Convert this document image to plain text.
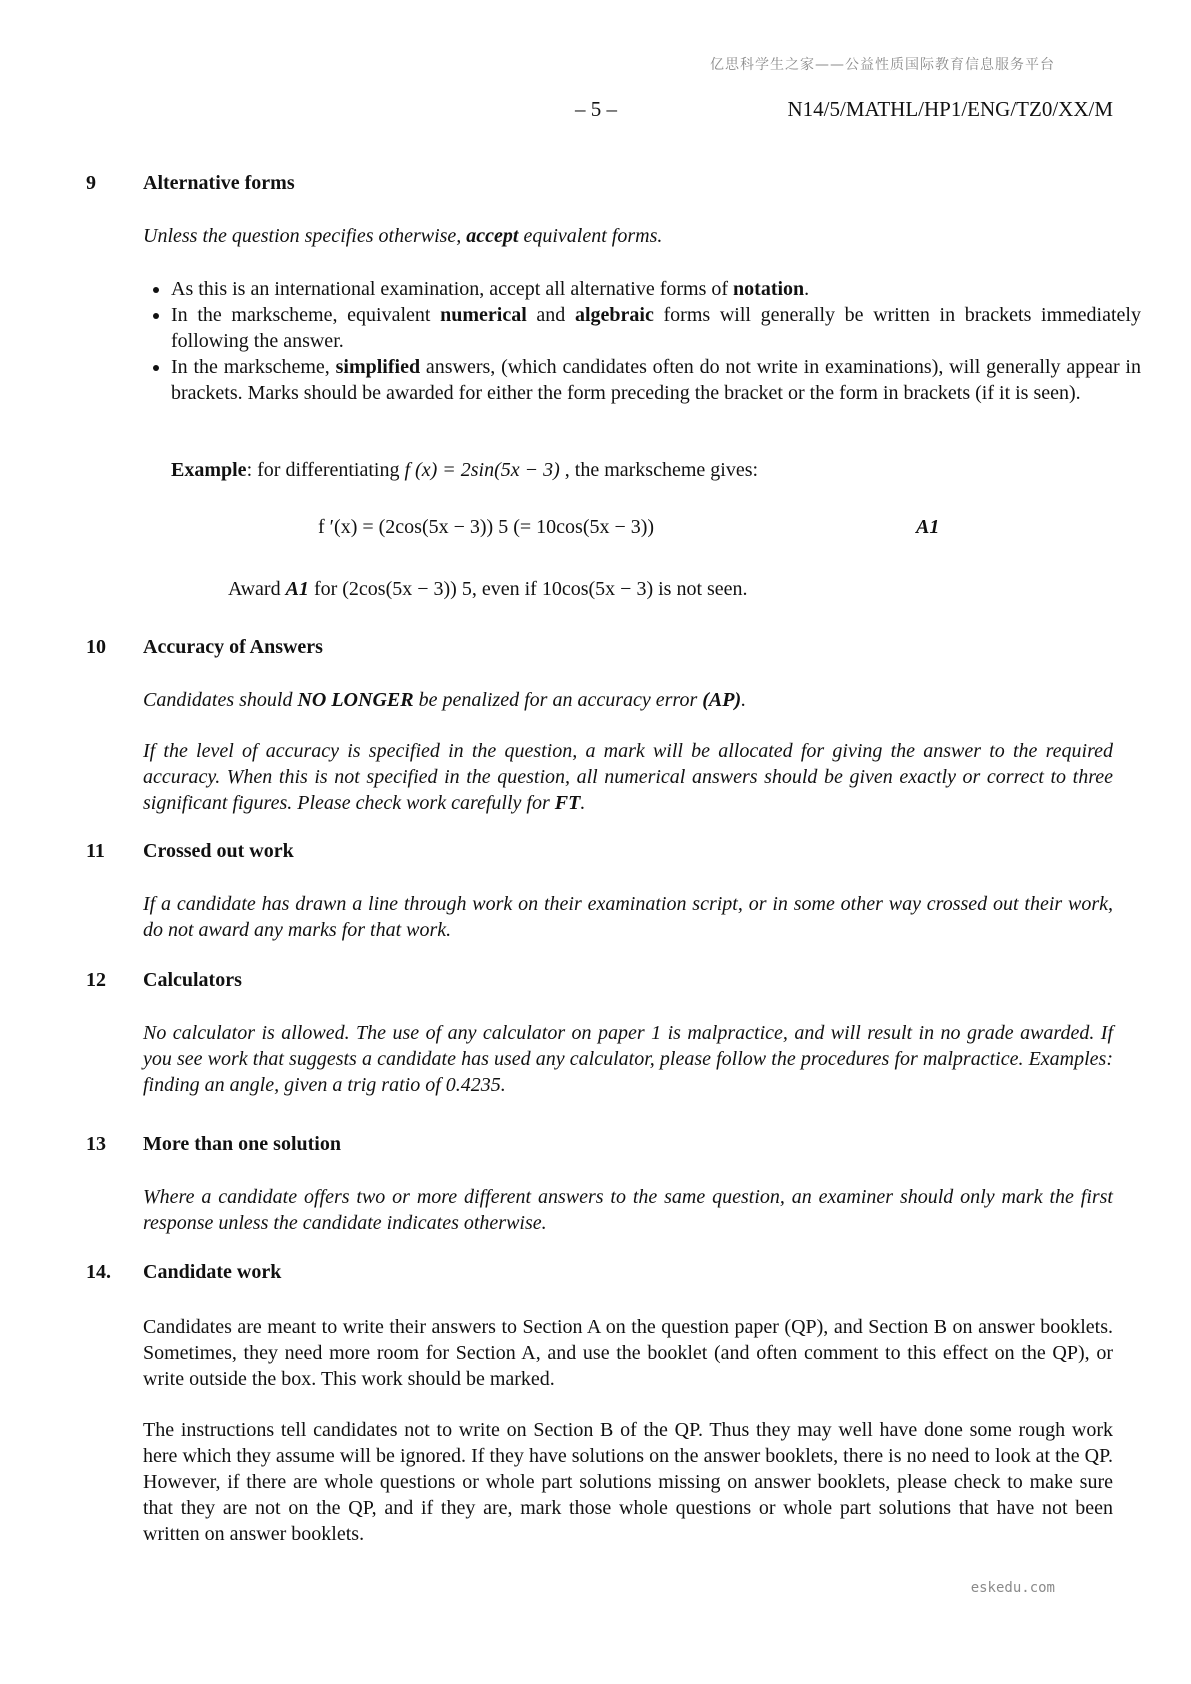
亿思科学生之家——公益性质国际教育信息服务平台
– 5 –	N14/5/MATHL/HP1/ENG/TZ0/XX/M
9 Alternative forms
Unless the question specifies otherwise, accept equivalent forms.
• As this is an international examination, accept all alternative forms of notation.
• In the markscheme, equivalent numerical and algebraic forms will generally be written in brackets immediately following the answer.
• In the markscheme, simplified answers, (which candidates often do not write in examinations), will generally appear in brackets. Marks should be awarded for either the form preceding the bracket or the form in brackets (if it is seen).
Example: for differentiating f (x) = 2sin(5x − 3) , the markscheme gives:
f ′(x) = (2cos(5x − 3)) 5 (= 10cos(5x − 3))	A1
Award A1 for (2cos(5x − 3)) 5, even if 10cos(5x − 3) is not seen.
10 Accuracy of Answers
Candidates should NO LONGER be penalized for an accuracy error (AP).
If the level of accuracy is specified in the question, a mark will be allocated for giving the answer to the required accuracy. When this is not specified in the question, all numerical answers should be given exactly or correct to three significant figures. Please check work carefully for FT.
11 Crossed out work
If a candidate has drawn a line through work on their examination script, or in some other way crossed out their work, do not award any marks for that work.
12 Calculators
No calculator is allowed. The use of any calculator on paper 1 is malpractice, and will result in no grade awarded. If you see work that suggests a candidate has used any calculator, please follow the procedures for malpractice. Examples: finding an angle, given a trig ratio of 0.4235.
13 More than one solution
Where a candidate offers two or more different answers to the same question, an examiner should only mark the first response unless the candidate indicates otherwise.
14. Candidate work
Candidates are meant to write their answers to Section A on the question paper (QP), and Section B on answer booklets. Sometimes, they need more room for Section A, and use the booklet (and often comment to this effect on the QP), or write outside the box. This work should be marked.
The instructions tell candidates not to write on Section B of the QP. Thus they may well have done some rough work here which they assume will be ignored. If they have solutions on the answer booklets, there is no need to look at the QP. However, if there are whole questions or whole part solutions missing on answer booklets, please check to make sure that they are not on the QP, and if they are, mark those whole questions or whole part solutions that have not been written on answer booklets.
eskedu.com
